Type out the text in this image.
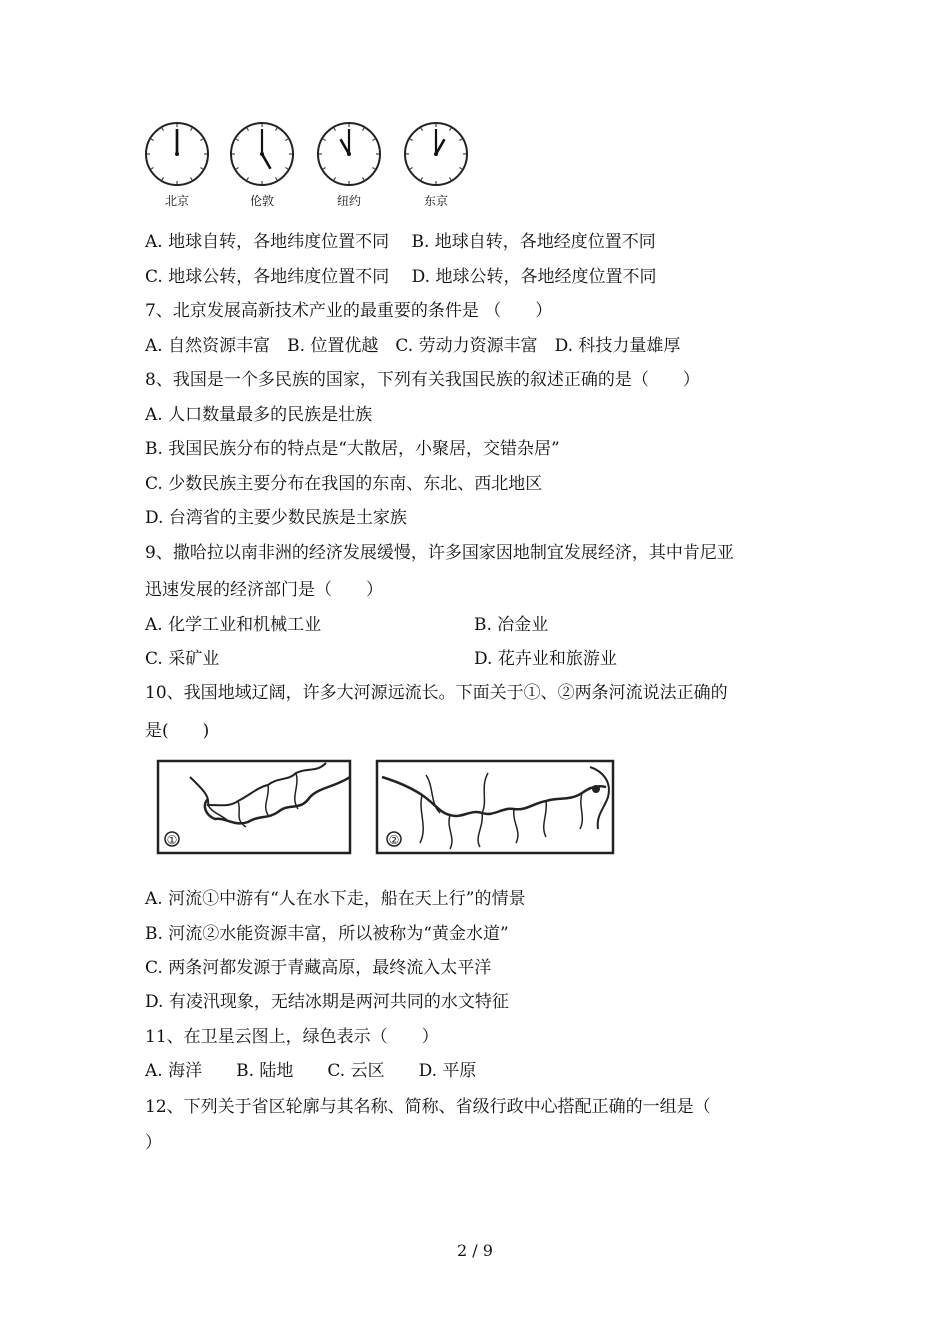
北京	伦敦	纽约	东京
A. 地球自转，各地纬度位置不同　 B. 地球自转，各地经度位置不同
C. 地球公转，各地纬度位置不同　 D. 地球公转，各地经度位置不同
7、北京发展高新技术产业的最重要的条件是 （　　）
A. 自然资源丰富　B. 位置优越　C. 劳动力资源丰富　D. 科技力量雄厚
8、我国是一个多民族的国家，下列有关我国民族的叙述正确的是（　　）
A. 人口数量最多的民族是壮族
B. 我国民族分布的特点是“大散居，小聚居，交错杂居”
C. 少数民族主要分布在我国的东南、东北、西北地区
D. 台湾省的主要少数民族是土家族
9、撒哈拉以南非洲的经济发展缓慢，许多国家因地制宜发展经济，其中肯尼亚
迅速发展的经济部门是（　　）
A. 化学工业和机械工业	B. 冶金业
C. 采矿业	D. 花卉业和旅游业
10、我国地域辽阔，许多大河源远流长。下面关于①、②两条河流说法正确的
是(　　)
①	②
A. 河流①中游有“人在水下走，船在天上行”的情景
B. 河流②水能资源丰富，所以被称为“黄金水道”
C. 两条河都发源于青藏高原，最终流入太平洋
D. 有凌汛现象，无结冰期是两河共同的水文特征
11、在卫星云图上，绿色表示（　　）
A. 海洋　　B. 陆地　　C. 云区　　D. 平原
12、下列关于省区轮廓与其名称、简称、省级行政中心搭配正确的一组是（
）
2 / 9
